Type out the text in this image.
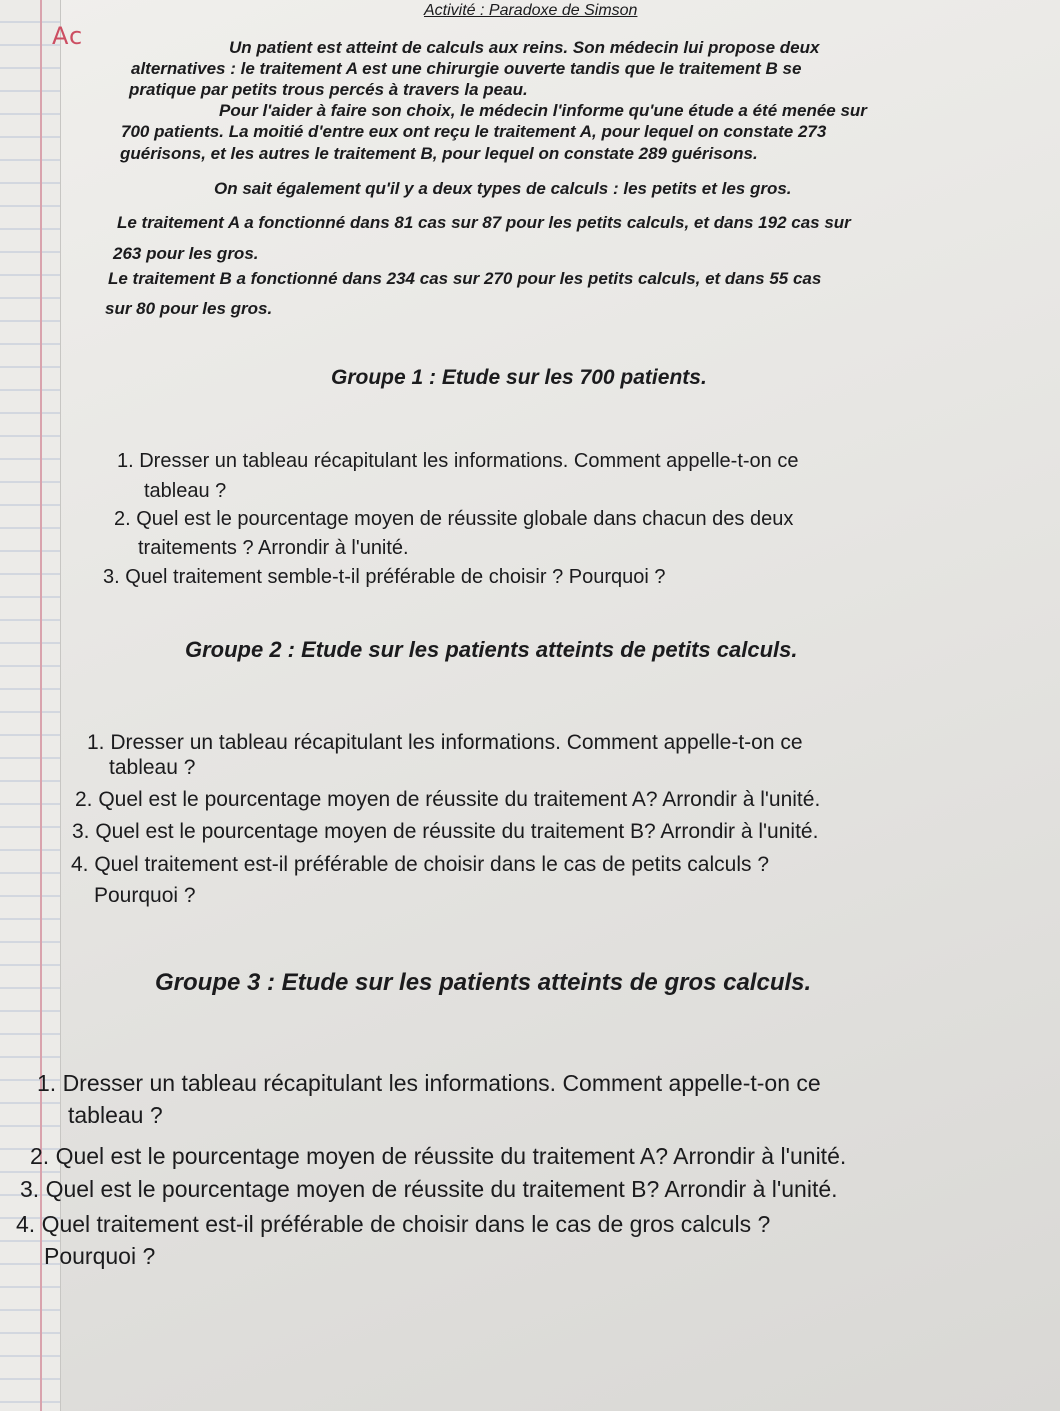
Ac
Activité : Paradoxe de Simson
Un patient est atteint de calculs aux reins. Son médecin lui propose deux
alternatives : le traitement A est une chirurgie ouverte tandis que le traitement B se
pratique par petits trous percés à travers la peau.
Pour l'aider à faire son choix, le médecin l'informe qu'une étude a été menée sur
700 patients. La moitié d'entre eux ont reçu le traitement A, pour lequel on constate 273
guérisons, et les autres le traitement B, pour lequel on constate 289 guérisons.
On sait également qu'il y a deux types de calculs : les petits et les gros.
Le traitement A a fonctionné dans 81 cas sur 87 pour les petits calculs, et dans 192 cas sur
263 pour les gros.
Le traitement B a fonctionné dans 234 cas sur 270 pour les petits calculs, et dans 55 cas
sur 80 pour les gros.
Groupe 1 : Etude sur les 700 patients.
1. Dresser un tableau récapitulant les informations. Comment appelle-t-on ce
tableau ?
2. Quel est le pourcentage moyen de réussite globale dans chacun des deux
traitements ? Arrondir à l'unité.
3. Quel traitement semble-t-il préférable de choisir ? Pourquoi ?
Groupe 2 : Etude sur les patients atteints de petits calculs.
1. Dresser un tableau récapitulant les informations. Comment appelle-t-on ce
tableau ?
2. Quel est le pourcentage moyen de réussite du traitement A? Arrondir à l'unité.
3. Quel est le pourcentage moyen de réussite du traitement B? Arrondir à l'unité.
4. Quel traitement est-il préférable de choisir dans le cas de petits calculs ?
Pourquoi ?
Groupe 3 : Etude sur les patients atteints de gros calculs.
1. Dresser un tableau récapitulant les informations. Comment appelle-t-on ce
tableau ?
2. Quel est le pourcentage moyen de réussite du traitement A? Arrondir à l'unité.
3. Quel est le pourcentage moyen de réussite du traitement B? Arrondir à l'unité.
4. Quel traitement est-il préférable de choisir dans le cas de gros calculs ?
Pourquoi ?
